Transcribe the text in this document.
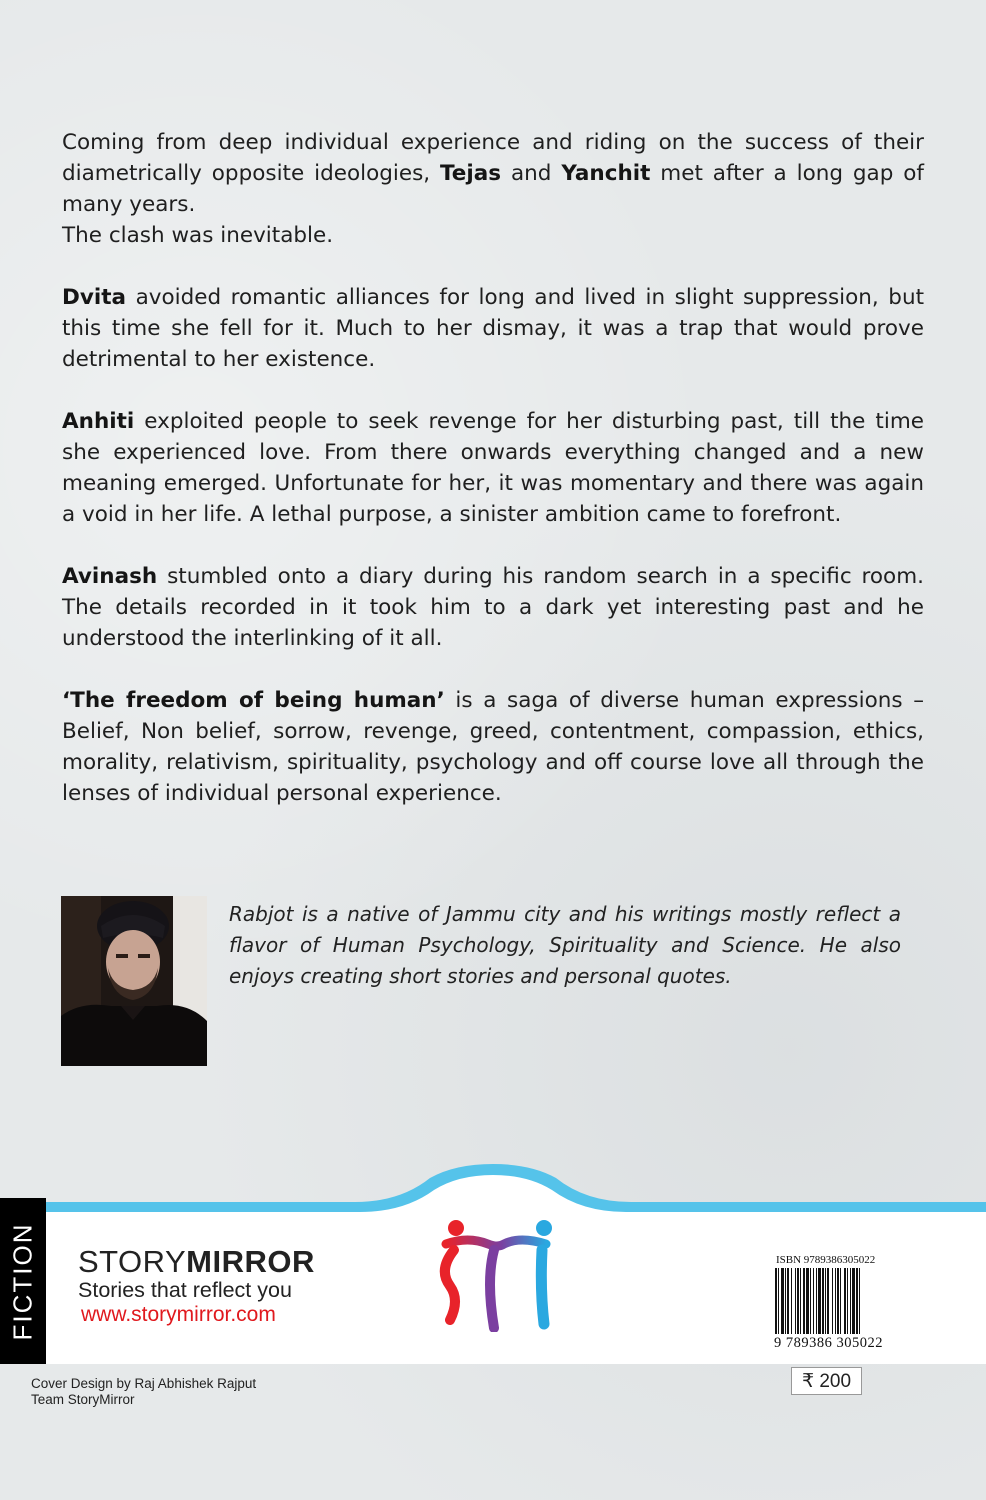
Coming from deep individual experience and riding on the success of their diametrically opposite ideologies, Tejas and Yanchit met after a long gap of many years.

The clash was inevitable.

Dvita avoided romantic alliances for long and lived in slight suppression, but this time she fell for it. Much to her dismay, it was a trap that would prove detrimental to her existence.

Anhiti exploited people to seek revenge for her disturbing past, till the time she experienced love. From there onwards everything changed and a new meaning emerged. Unfortunate for her, it was momentary and there was again a void in her life. A lethal purpose, a sinister ambition came to forefront.

Avinash stumbled onto a diary during his random search in a specific room. The details recorded in it took him to a dark yet interesting past and he understood the interlinking of it all.

‘The freedom of being human’ is a saga of diverse human expressions – Belief, Non belief, sorrow, revenge, greed, contentment, compassion, ethics, morality, relativism, spirituality, psychology and off course love all through the lenses of individual personal experience.

Rabjot is a native of Jammu city and his writings mostly reflect a flavor of Human Psychology, Spirituality and Science. He also enjoys creating short stories and personal quotes.
FICTION STORYMIRROR
Stories that reflect you
www.storymirror.com
ISBN 9789386305022
9 789386 305022
₹ 200
Cover Design by Raj Abhishek Rajput
Team StoryMirror
